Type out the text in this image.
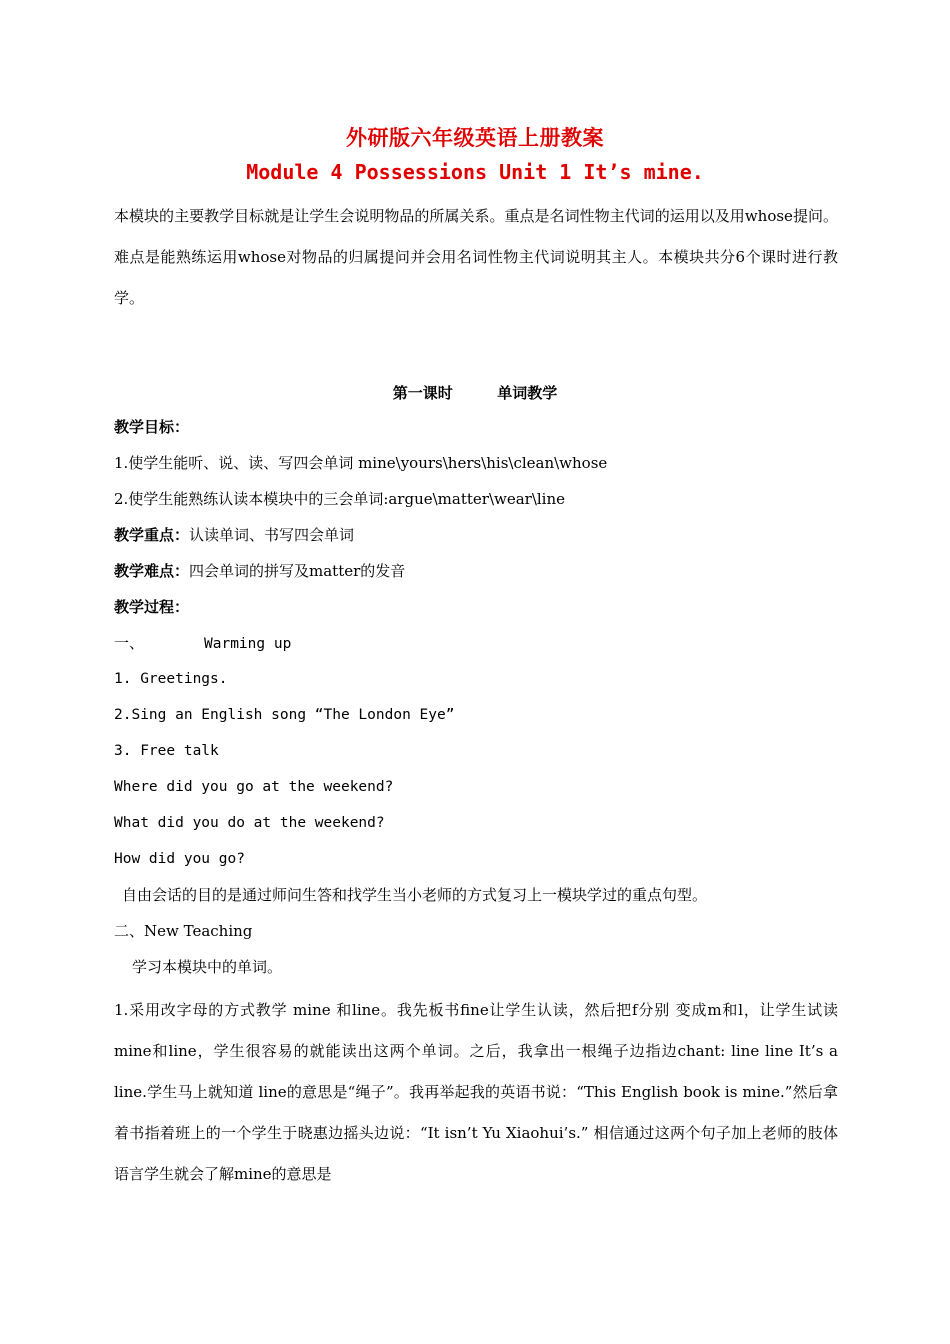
外研版六年级英语上册教案
Module 4 Possessions Unit 1 It’s mine.

本模块的主要教学目标就是让学生会说明物品的所属关系。重点是名词性物主代词的运用以及用whose提问。难点是能熟练运用whose对物品的归属提问并会用名词性物主代词说明其主人。本模块共分6个课时进行教学。

第一课时	单词教学
教学目标：
1.使学生能听、说、读、写四会单词 mine\yours\hers\his\clean\whose
2.使学生能熟练认读本模块中的三会单词:argue\matter\wear\line
教学重点：认读单词、书写四会单词
教学难点：四会单词的拼写及matter的发音
教学过程：
一、	Warming up
1. Greetings.
2.Sing an English song “The London Eye”
3. Free talk
Where did you go at the weekend?
What did you do at the weekend?
How did you go?
自由会话的目的是通过师问生答和找学生当小老师的方式复习上一模块学过的重点句型。
二、New Teaching
学习本模块中的单词。
1.采用改字母的方式教学 mine 和line。我先板书fine让学生认读，然后把f分别 变成m和l，让学生试读mine和line，学生很容易的就能读出这两个单词。之后，我拿出一根绳子边指边chant: line line It’s a line.学生马上就知道 line的意思是“绳子”。我再举起我的英语书说：“This English book is mine.”然后拿着书指着班上的一个学生于晓惠边摇头边说：“It isn’t Yu Xiaohui’s.” 相信通过这两个句子加上老师的肢体语言学生就会了解mine的意思是
